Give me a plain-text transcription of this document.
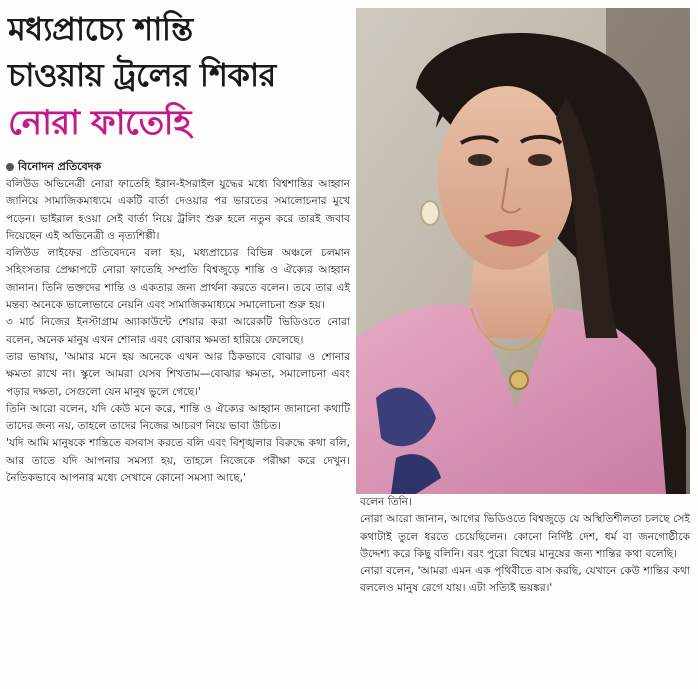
মধ্যপ্রাচ্যে শান্তি
চাওয়ায় ট্রলের শিকার
নোরা ফাতেহি
বিনোদন প্রতিবেদক

বলিউড অভিনেত্রী নোরা ফাতেহি ইরান-ইসরাইল যুদ্ধের মধ্যে বিশ্বশান্তির আহ্বান জানিয়ে সামাজিকমাধ্যমে একটি বার্তা দেওয়ার পর ভারতের সমালোচনার মুখে পড়েন। ভাইরাল হওয়া সেই বার্তা নিয়ে ট্রলিং শুরু হলে নতুন করে তারই জবাব দিয়েছেন এই অভিনেত্রী ও নৃত্যশিল্পী।

বলিউড লাইফের প্রতিবেদনে বলা হয়, মধ্যপ্রাচ্যের বিভিন্ন অঞ্চলে চলমান সহিংসতার প্রেক্ষাপটে নোরা ফাতেহি সম্প্রতি বিশ্বজুড়ে শান্তি ও ঐক্যের আহ্বান জানান। তিনি ভক্তদের শান্তি ও একতার জন্য প্রার্থনা করতে বলেন। তবে তার এই মন্তব্য অনেকে ভালোভাবে নেয়নি এবং সামাজিকমাধ্যমে সমালোচনা শুরু হয়।

৩ মার্চ নিজের ইনস্টাগ্রাম অ্যাকাউন্টে শেয়ার করা আরেকটি ভিডিওতে নোরা বলেন, অনেক মানুষ এখন শোনার এবং বোঝার ক্ষমতা হারিয়ে ফেলেছে।

তার ভাষায়, 'আমার মনে হয় অনেকে এখন আর ঠিকভাবে বোঝার ও শোনার ক্ষমতা রাখে না। স্কুলে আমরা যেসব শিখতাম—বোঝার ক্ষমতা, সমালোচনা এবং পড়ার দক্ষতা, সেগুলো যেন মানুষ ভুলে গেছে।'

তিনি আরো বলেন, যদি কেউ মনে করে, শান্তি ও ঐক্যের আহ্বান জানানো কথাটি তাদের জন্য নয়, তাহলে তাদের নিজের আচরণ নিয়ে ভাবা উচিত।

'যদি আমি মানুষকে শান্তিতে বসবাস করতে বলি এবং বিশৃঙ্খলার বিরুদ্ধে কথা বলি, আর তাতে যদি আপনার সমস্যা হয়, তাহলে নিজেকে পরীক্ষা করে দেখুন। নৈতিকভাবে আপনার মধ্যে সেখানে কোনো সমস্যা আছে,'

বলেন তিনি।

নোরা আরো জানান, আগের ভিডিওতে বিশ্বজুড়ে যে অস্থিতিশীলতা চলছে সেই কথাটাই তুলে ধরতে চেয়েছিলেন। কোনো নির্দিষ্ট দেশ, ধর্ম বা জনগোষ্ঠীকে উদ্দেশ্য করে কিছু বলিনি। বরং পুরো বিশ্বের মানুষের জন্য শান্তির কথা বলেছি।

নোরা বলেন, 'আমরা এমন এক পৃথিবীতে বাস করছি, যেখানে কেউ শান্তির কথা বললেও মানুষ রেগে যায়। এটা সত্যিই ভয়ঙ্কর।'
